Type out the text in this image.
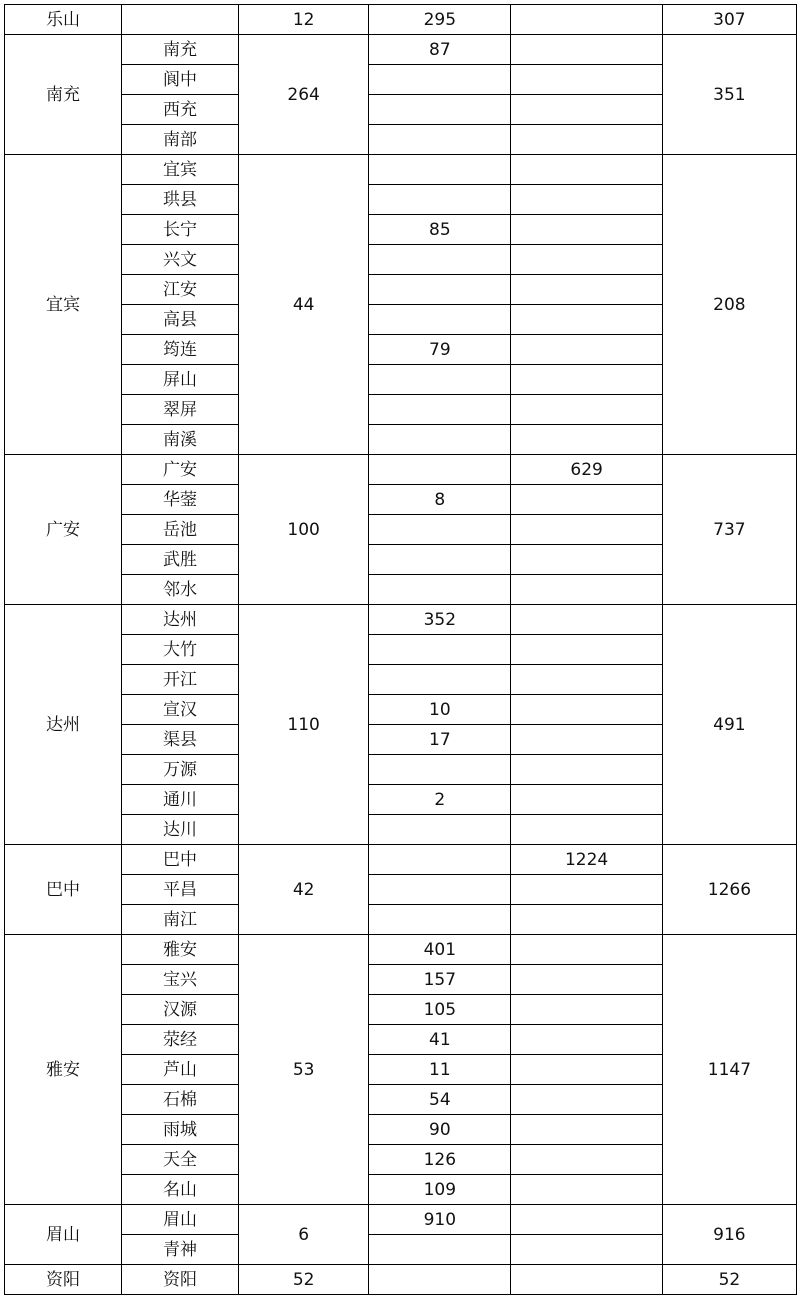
乐山		12	295		307
南充	南充	264	87		351
	阆中				
	西充				
	南部				
宜宾	宜宾	44			208
	珙县				
	长宁		85		
	兴文				
	江安				
	高县				
	筠连		79		
	屏山				
	翠屏				
	南溪				
广安	广安	100		629	737
	华蓥		8		
	岳池				
	武胜				
	邻水				
达州	达州	110	352		491
	大竹				
	开江				
	宣汉		10		
	渠县		17		
	万源				
	通川		2		
	达川				
巴中	巴中	42		1224	1266
	平昌				
	南江				
雅安	雅安	53	401		1147
	宝兴		157		
	汉源		105		
	荥经		41		
	芦山		11		
	石棉		54		
	雨城		90		
	天全		126		
	名山		109		
眉山	眉山	6	910		916
	青神				
资阳	资阳	52			52
